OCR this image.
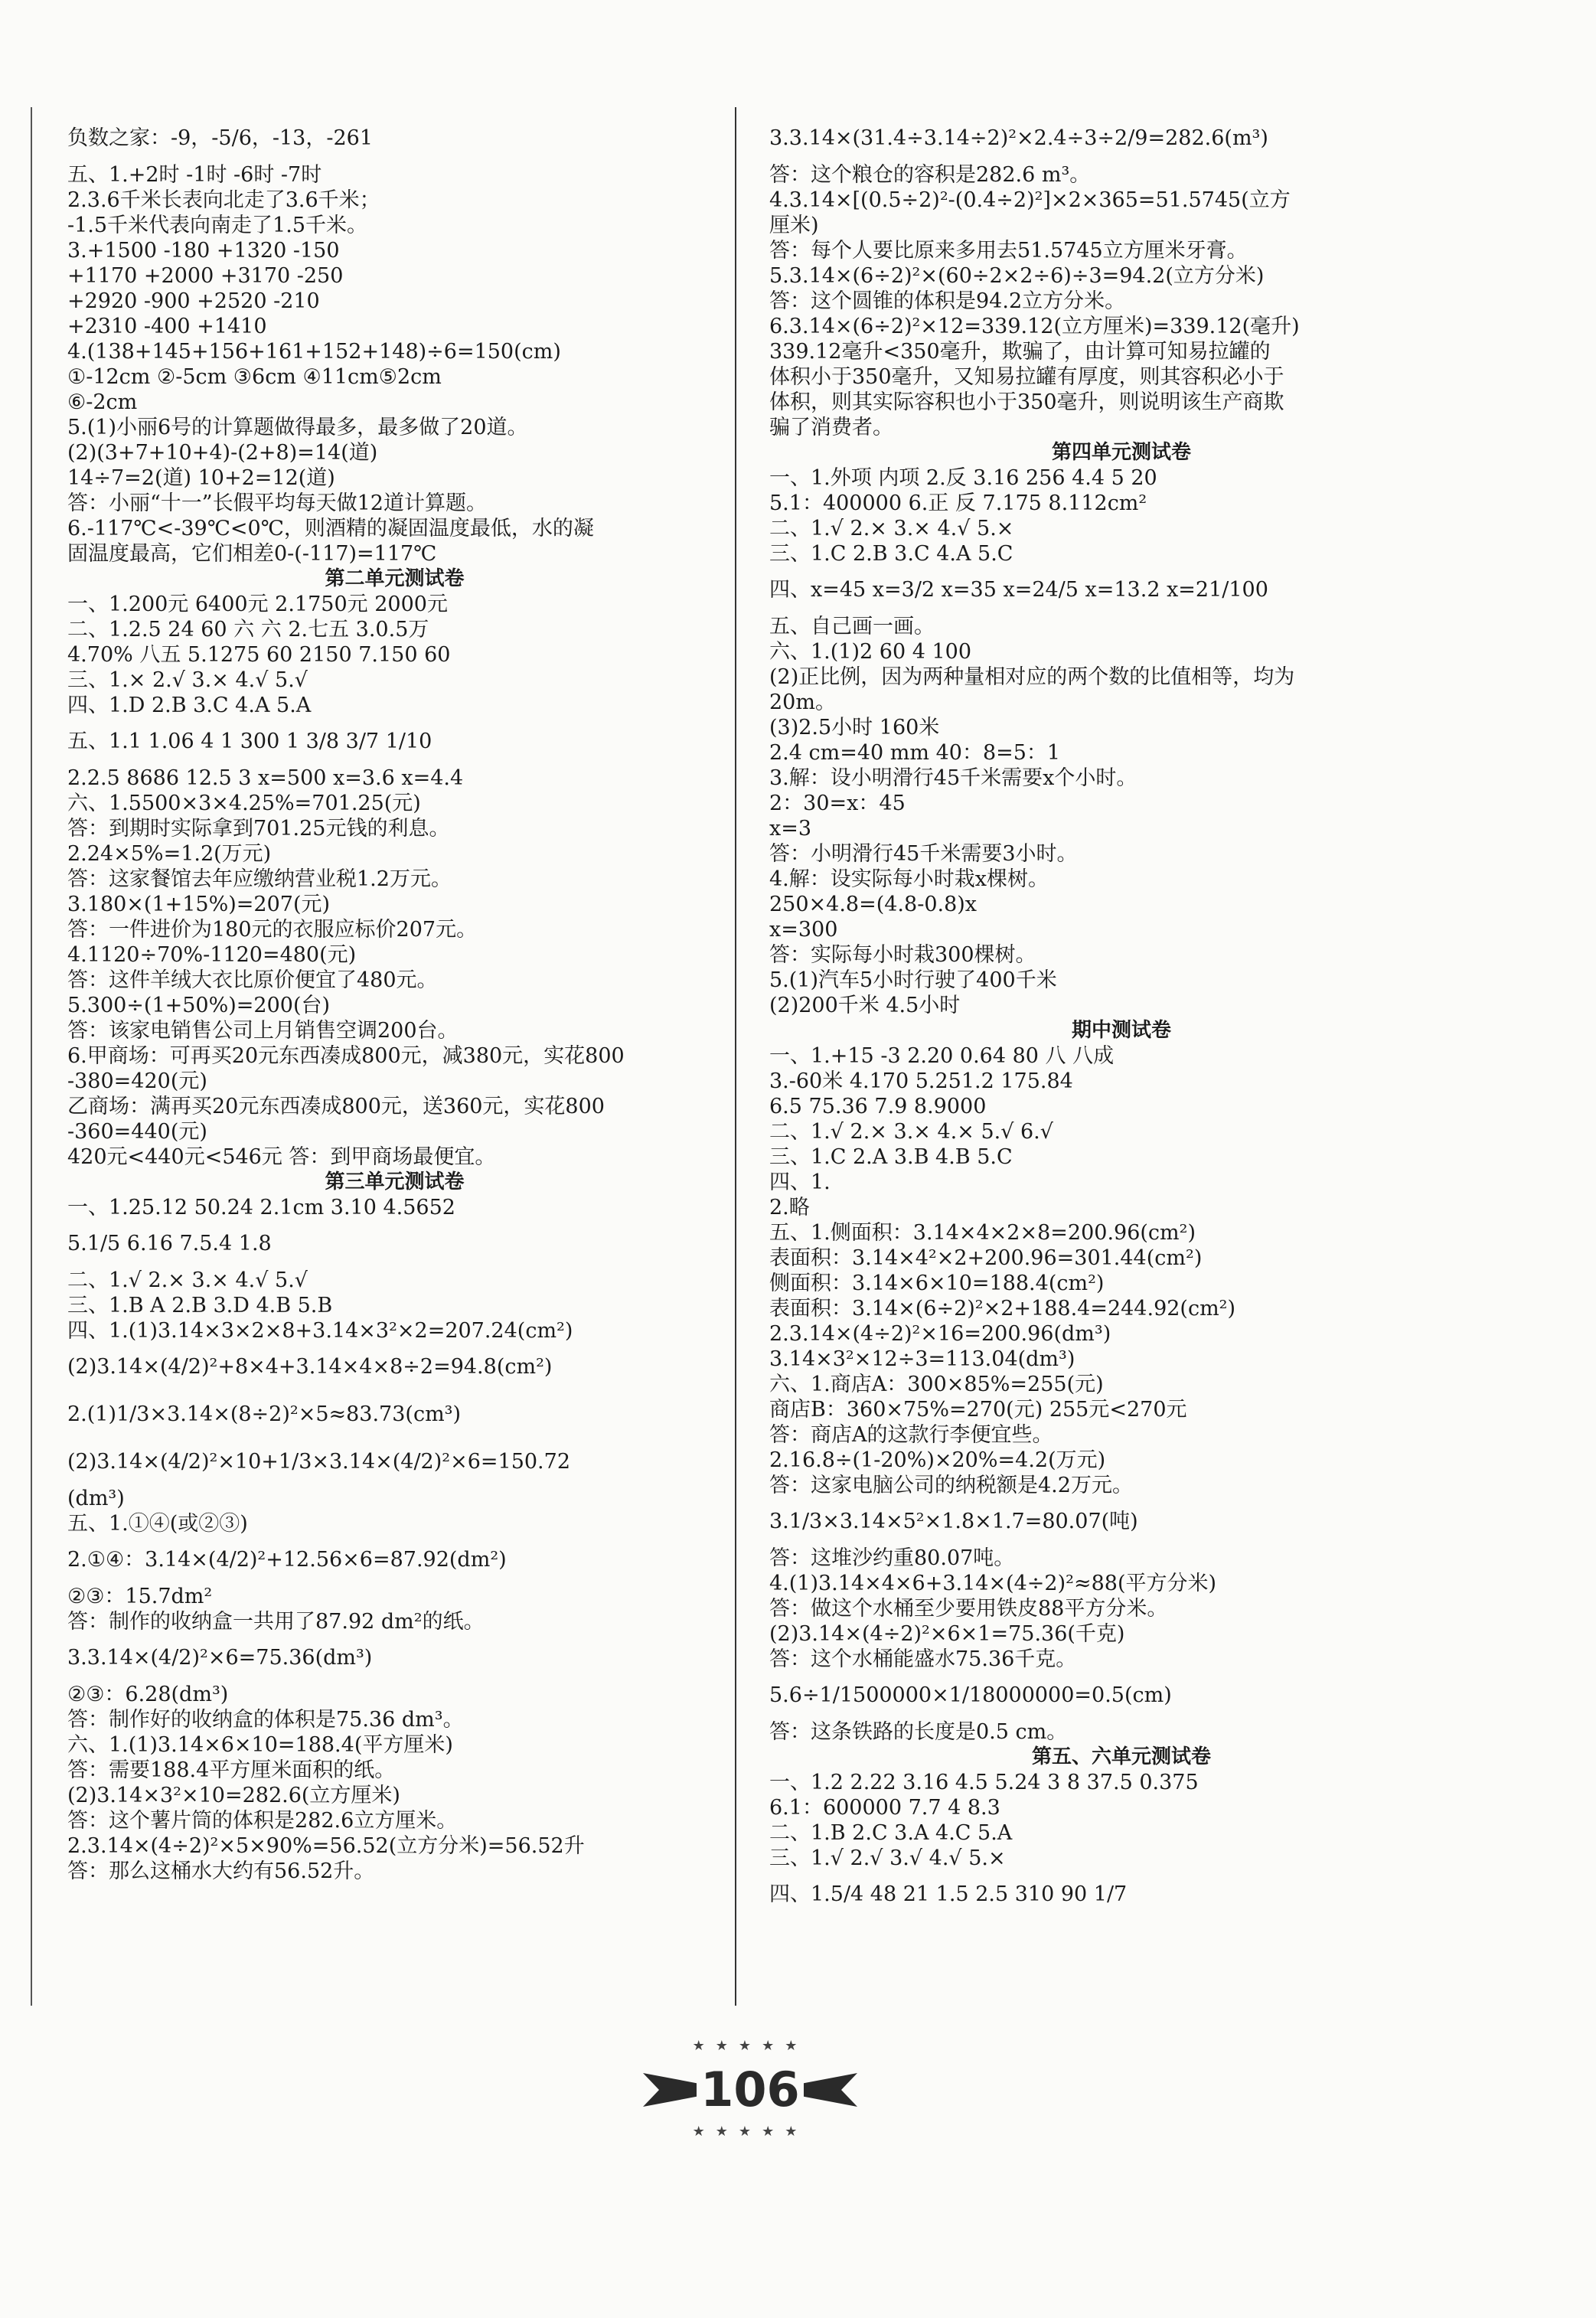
负数之家：-9，-5/6，-13，-261
五、1.+2时 -1时 -6时 -7时
2.3.6千米长表向北走了3.6千米；
-1.5千米代表向南走了1.5千米。
3.+1500 -180 +1320 -150
+1170 +2000 +3170 -250
+2920 -900 +2520 -210
+2310 -400 +1410
4.(138+145+156+161+152+148)÷6=150(cm)
①-12cm ②-5cm ③6cm ④11cm⑤2cm
⑥-2cm
5.(1)小丽6号的计算题做得最多，最多做了20道。
(2)(3+7+10+4)-(2+8)=14(道)
14÷7=2(道) 10+2=12(道)
答：小丽“十一”长假平均每天做12道计算题。
6.-117℃<-39℃<0℃，则酒精的凝固温度最低，水的凝
固温度最高，它们相差0-(-117)=117℃
第二单元测试卷
一、1.200元 6400元 2.1750元 2000元
二、1.2.5 24 60 六 六 2.七五 3.0.5万
4.70% 八五 5.1275 60 2150 7.150 60
三、1.× 2.√ 3.× 4.√ 5.√
四、1.D 2.B 3.C 4.A 5.A
五、1.1 1.06 4 1 300 1 3/8 3/7 1/10
2.2.5 8686 12.5 3 x=500 x=3.6 x=4.4
六、1.5500×3×4.25%=701.25(元)
答：到期时实际拿到701.25元钱的利息。
2.24×5%=1.2(万元)
答：这家餐馆去年应缴纳营业税1.2万元。
3.180×(1+15%)=207(元)
答：一件进价为180元的衣服应标价207元。
4.1120÷70%-1120=480(元)
答：这件羊绒大衣比原价便宜了480元。
5.300÷(1+50%)=200(台)
答：该家电销售公司上月销售空调200台。
6.甲商场：可再买20元东西凑成800元，减380元，实花800
-380=420(元)
乙商场：满再买20元东西凑成800元，送360元，实花800
-360=440(元)
420元<440元<546元 答：到甲商场最便宜。
第三单元测试卷
一、1.25.12 50.24 2.1cm 3.10 4.5652
5.1/5 6.16 7.5.4 1.8
二、1.√ 2.× 3.× 4.√ 5.√
三、1.B A 2.B 3.D 4.B 5.B
四、1.(1)3.14×3×2×8+3.14×3²×2=207.24(cm²)
(2)3.14×(4/2)²+8×4+3.14×4×8÷2=94.8(cm²)
2.(1)1/3×3.14×(8÷2)²×5≈83.73(cm³)
(2)3.14×(4/2)²×10+1/3×3.14×(4/2)²×6=150.72
(dm³)
五、1.①④(或②③)
2.①④：3.14×(4/2)²+12.56×6=87.92(dm²)
②③：15.7dm²
答：制作的收纳盒一共用了87.92 dm²的纸。
3.3.14×(4/2)²×6=75.36(dm³)
②③：6.28(dm³)
答：制作好的收纳盒的体积是75.36 dm³。
六、1.(1)3.14×6×10=188.4(平方厘米)
答：需要188.4平方厘米面积的纸。
(2)3.14×3²×10=282.6(立方厘米)
答：这个薯片筒的体积是282.6立方厘米。
2.3.14×(4÷2)²×5×90%=56.52(立方分米)=56.52升
答：那么这桶水大约有56.52升。
3.3.14×(31.4÷3.14÷2)²×2.4÷3÷2/9=282.6(m³)
答：这个粮仓的容积是282.6 m³。
4.3.14×[(0.5÷2)²-(0.4÷2)²]×2×365=51.5745(立方
厘米)
答：每个人要比原来多用去51.5745立方厘米牙膏。
5.3.14×(6÷2)²×(60÷2×2÷6)÷3=94.2(立方分米)
答：这个圆锥的体积是94.2立方分米。
6.3.14×(6÷2)²×12=339.12(立方厘米)=339.12(毫升)
339.12毫升<350毫升，欺骗了，由计算可知易拉罐的
体积小于350毫升，又知易拉罐有厚度，则其容积必小于
体积，则其实际容积也小于350毫升，则说明该生产商欺
骗了消费者。
第四单元测试卷
一、1.外项 内项 2.反 3.16 256 4.4 5 20
5.1：400000 6.正 反 7.175 8.112cm²
二、1.√ 2.× 3.× 4.√ 5.×
三、1.C 2.B 3.C 4.A 5.C
四、x=45 x=3/2 x=35 x=24/5 x=13.2 x=21/100
五、自己画一画。
六、1.(1)2 60 4 100
(2)正比例，因为两种量相对应的两个数的比值相等，均为
20m。
(3)2.5小时 160米
2.4 cm=40 mm 40：8=5：1
3.解：设小明滑行45千米需要x个小时。
2：30=x：45
x=3
答：小明滑行45千米需要3小时。
4.解：设实际每小时栽x棵树。
250×4.8=(4.8-0.8)x
x=300
答：实际每小时栽300棵树。
5.(1)汽车5小时行驶了400千米
(2)200千米 4.5小时
期中测试卷
一、1.+15 -3 2.20 0.64 80 八 八成
3.-60米 4.170 5.251.2 175.84
6.5 75.36 7.9 8.9000
二、1.√ 2.× 3.× 4.× 5.√ 6.√
三、1.C 2.A 3.B 4.B 5.C
四、1.
2.略
五、1.侧面积：3.14×4×2×8=200.96(cm²)
表面积：3.14×4²×2+200.96=301.44(cm²)
侧面积：3.14×6×10=188.4(cm²)
表面积：3.14×(6÷2)²×2+188.4=244.92(cm²)
2.3.14×(4÷2)²×16=200.96(dm³)
3.14×3²×12÷3=113.04(dm³)
六、1.商店A：300×85%=255(元)
商店B：360×75%=270(元) 255元<270元
答：商店A的这款行李便宜些。
2.16.8÷(1-20%)×20%=4.2(万元)
答：这家电脑公司的纳税额是4.2万元。
3.1/3×3.14×5²×1.8×1.7=80.07(吨)
答：这堆沙约重80.07吨。
4.(1)3.14×4×6+3.14×(4÷2)²≈88(平方分米)
答：做这个水桶至少要用铁皮88平方分米。
(2)3.14×(4÷2)²×6×1=75.36(千克)
答：这个水桶能盛水75.36千克。
5.6÷1/1500000×1/18000000=0.5(cm)
答：这条铁路的长度是0.5 cm。
第五、六单元测试卷
一、1.2 2.22 3.16 4.5 5.24 3 8 37.5 0.375
6.1：600000 7.7 4 8.3
二、1.B 2.C 3.A 4.C 5.A
三、1.√ 2.√ 3.√ 4.√ 5.×
四、1.5/4 48 21 1.5 2.5 310 90 1/7
★★★★★
106
★★★★★
